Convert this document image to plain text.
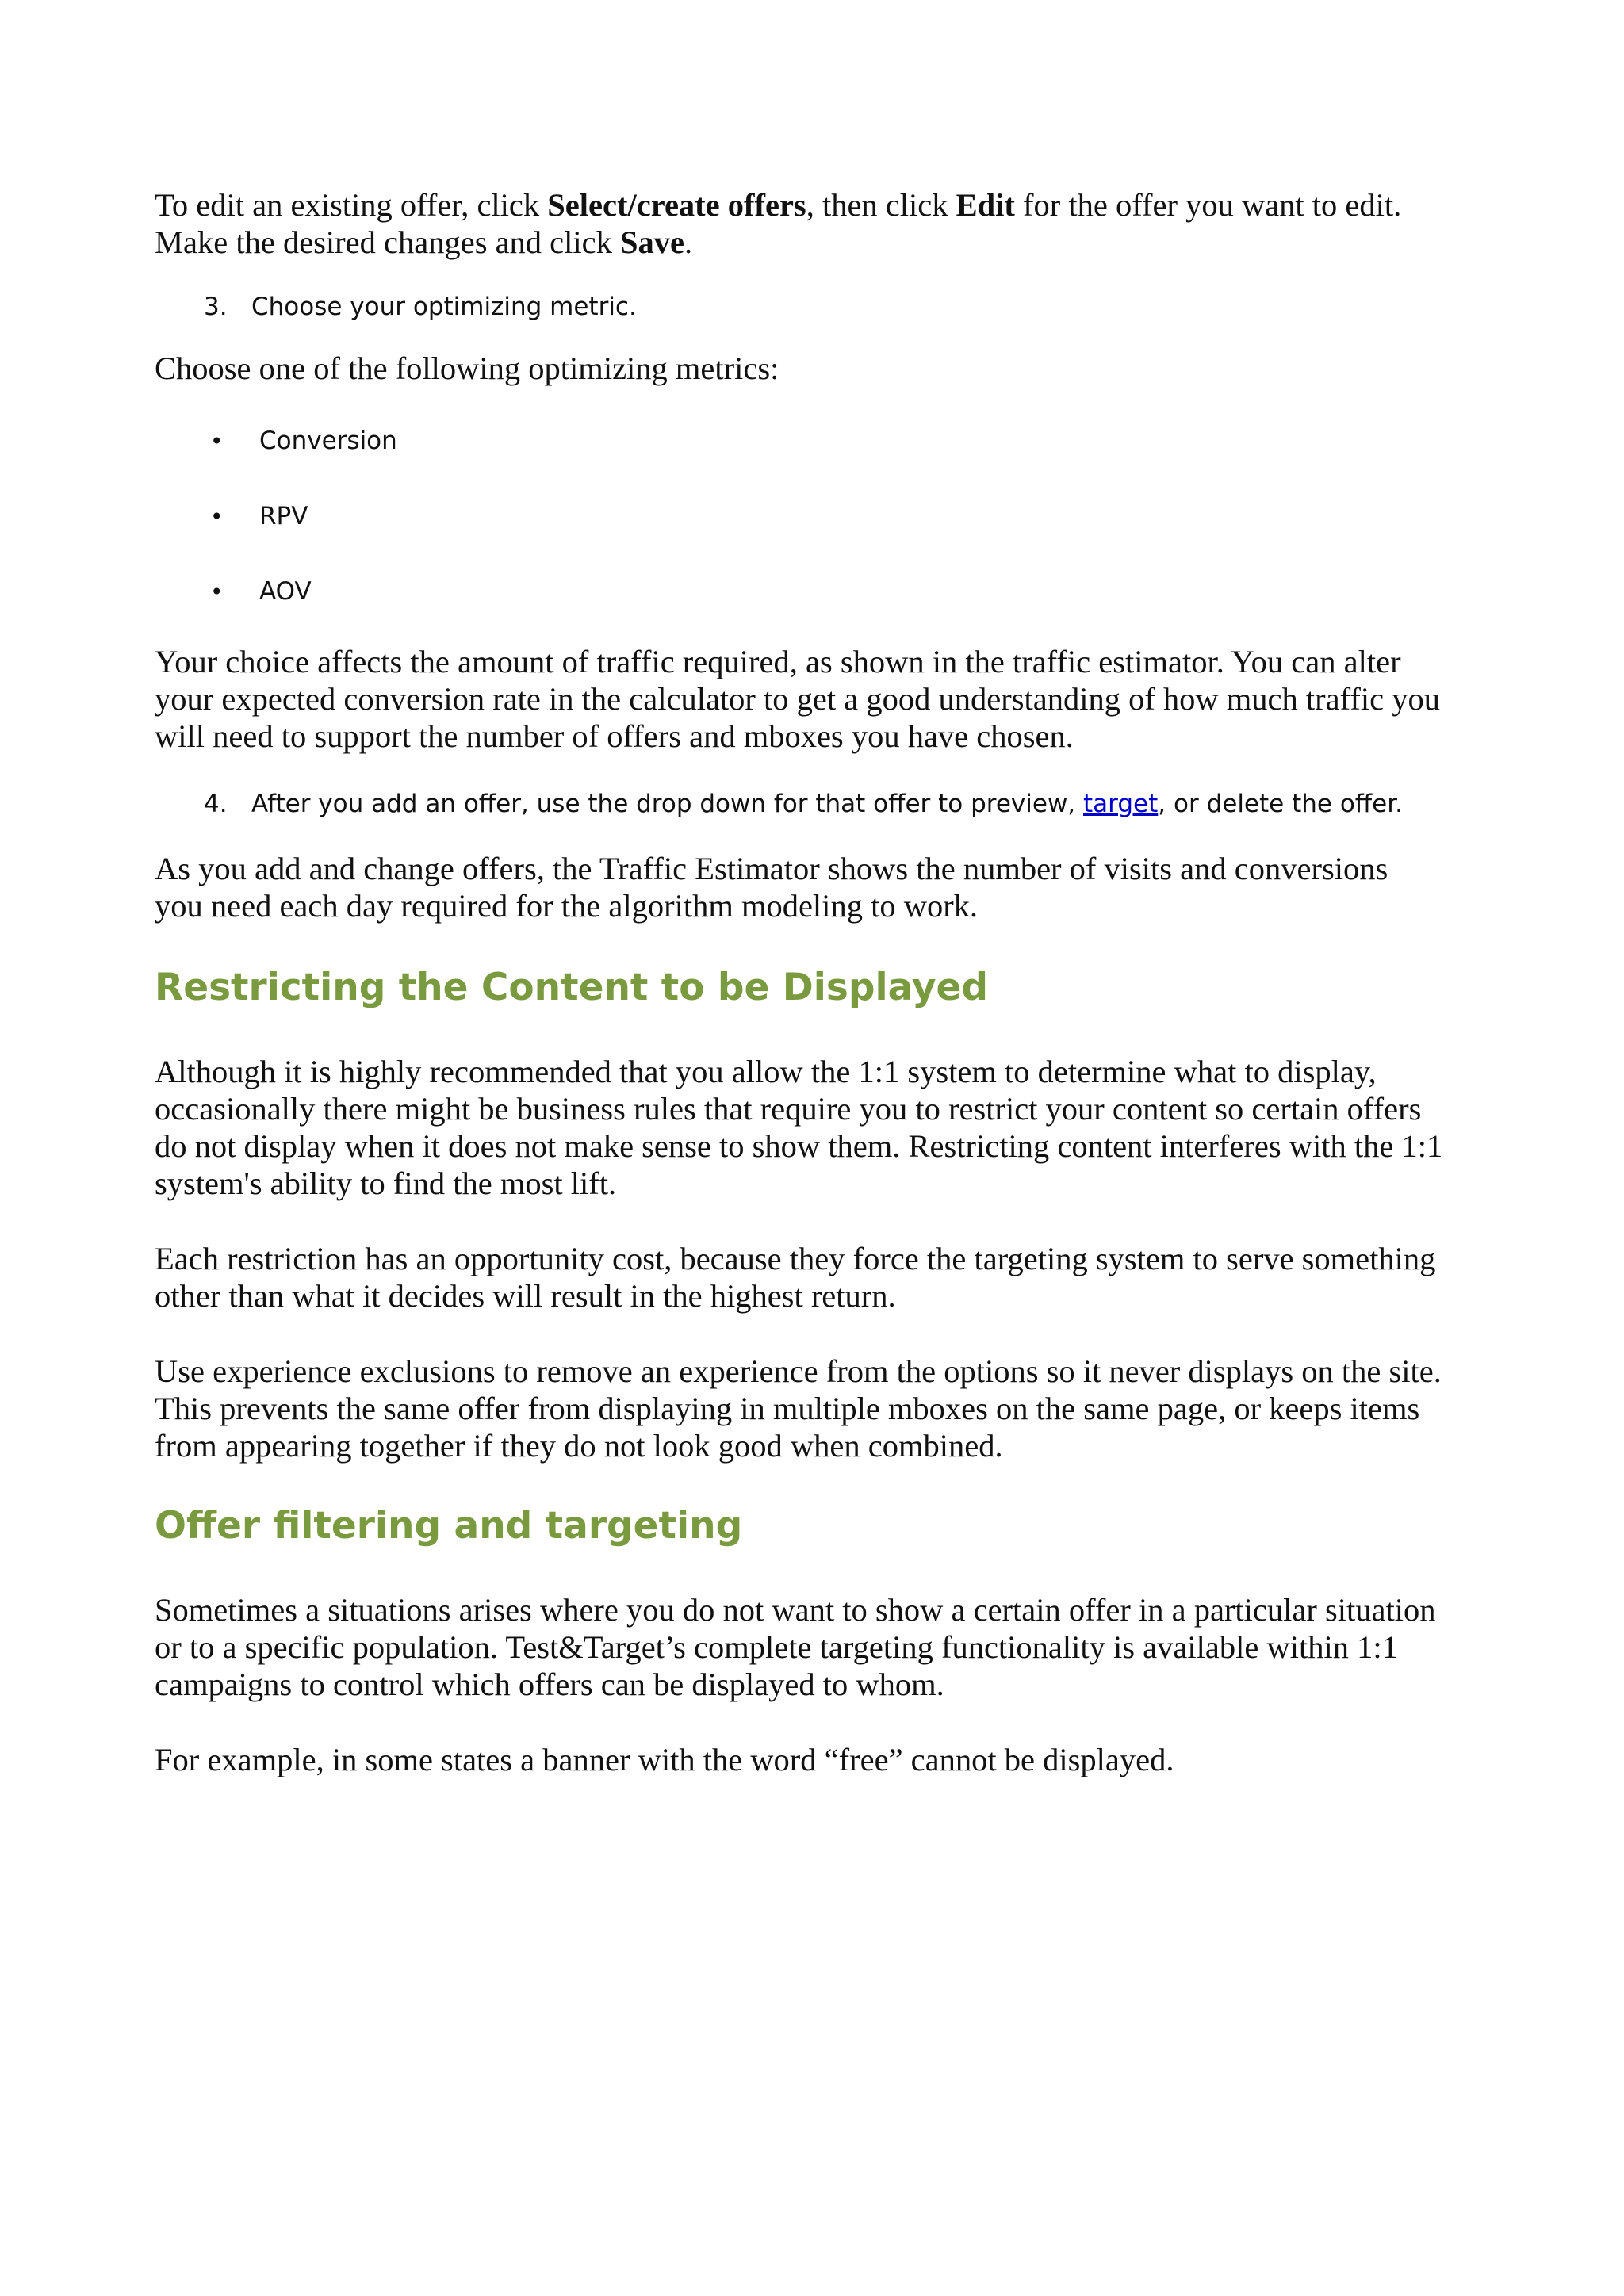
To edit an existing offer, click Select/create offers, then click Edit for the offer you want to edit.
Make the desired changes and click Save.

3. Choose your optimizing metric.

Choose one of the following optimizing metrics:

•	Conversion
•	RPV
•	AOV

Your choice affects the amount of traffic required, as shown in the traffic estimator. You can alter
your expected conversion rate in the calculator to get a good understanding of how much traffic you
will need to support the number of offers and mboxes you have chosen.

4. After you add an offer, use the drop down for that offer to preview, target, or delete the offer.

As you add and change offers, the Traffic Estimator shows the number of visits and conversions
you need each day required for the algorithm modeling to work.

Restricting the Content to be Displayed

Although it is highly recommended that you allow the 1:1 system to determine what to display,
occasionally there might be business rules that require you to restrict your content so certain offers
do not display when it does not make sense to show them. Restricting content interferes with the 1:1
system's ability to find the most lift.

Each restriction has an opportunity cost, because they force the targeting system to serve something
other than what it decides will result in the highest return.

Use experience exclusions to remove an experience from the options so it never displays on the site.
This prevents the same offer from displaying in multiple mboxes on the same page, or keeps items
from appearing together if they do not look good when combined.

Offer filtering and targeting

Sometimes a situations arises where you do not want to show a certain offer in a particular situation
or to a specific population. Test&Target’s complete targeting functionality is available within 1:1
campaigns to control which offers can be displayed to whom.

For example, in some states a banner with the word “free” cannot be displayed.
